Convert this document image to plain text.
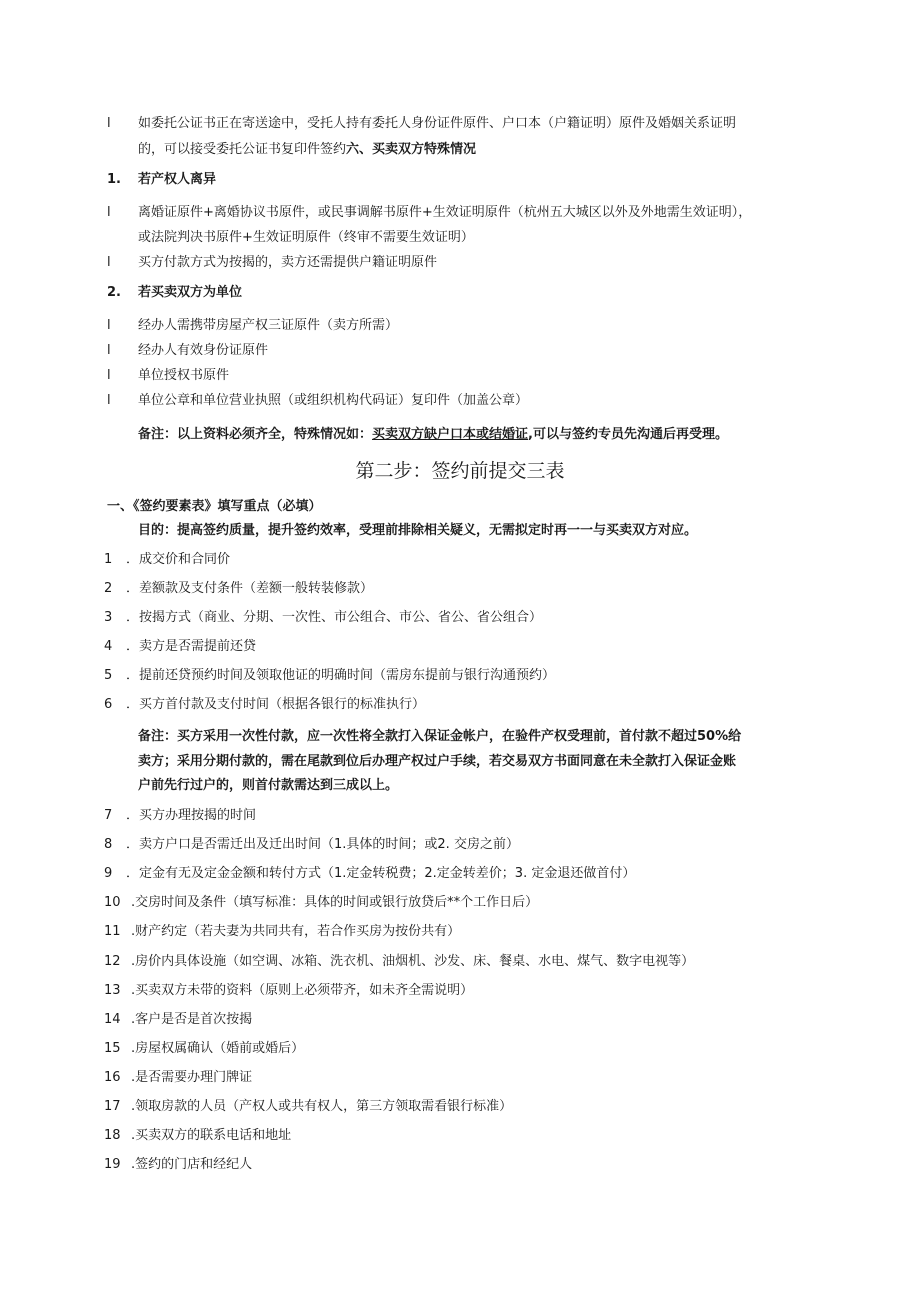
l 如委托公证书正在寄送途中，受托人持有委托人身份证件原件、户口本（户籍证明）原件及婚姻关系证明
的，可以接受委托公证书复印件签约六、买卖双方特殊情况
1. 若产权人离异
l 离婚证原件+离婚协议书原件，或民事调解书原件+生效证明原件（杭州五大城区以外及外地需生效证明），
或法院判决书原件+生效证明原件（终审不需要生效证明）
l 买方付款方式为按揭的，卖方还需提供户籍证明原件
2. 若买卖双方为单位
l 经办人需携带房屋产权三证原件（卖方所需）
l 经办人有效身份证原件
l 单位授权书原件
l 单位公章和单位营业执照（或组织机构代码证）复印件（加盖公章）
备注：以上资料必须齐全，特殊情况如：买卖双方缺户口本或结婚证,可以与签约专员先沟通后再受理。
第二步：签约前提交三表
一、《签约要素表》填写重点（必填）
目的：提高签约质量，提升签约效率，受理前排除相关疑义，无需拟定时再一一与买卖双方对应。
1 ．成交价和合同价
2 ．差额款及支付条件（差额一般转装修款）
3 ．按揭方式（商业、分期、一次性、市公组合、市公、省公、省公组合）
4 ．卖方是否需提前还贷
5 ．提前还贷预约时间及领取他证的明确时间（需房东提前与银行沟通预约）
6 ．买方首付款及支付时间（根据各银行的标准执行）
备注：买方采用一次性付款，应一次性将全款打入保证金帐户，在验件产权受理前，首付款不超过50%给
卖方；采用分期付款的，需在尾款到位后办理产权过户手续，若交易双方书面同意在未全款打入保证金账
户前先行过户的，则首付款需达到三成以上。
7 ．买方办理按揭的时间
8 ．卖方户口是否需迁出及迁出时间（1.具体的时间；或2. 交房之前）
9 ．定金有无及定金金额和转付方式（1.定金转税费；2.定金转差价；3. 定金退还做首付）
10 .交房时间及条件（填写标准：具体的时间或银行放贷后**个工作日后）
11 .财产约定（若夫妻为共同共有，若合作买房为按份共有）
12 .房价内具体设施（如空调、冰箱、洗衣机、油烟机、沙发、床、餐桌、水电、煤气、数字电视等）
13 .买卖双方未带的资料（原则上必须带齐，如未齐全需说明）
14 .客户是否是首次按揭
15 .房屋权属确认（婚前或婚后）
16 .是否需要办理门牌证
17 .领取房款的人员（产权人或共有权人，第三方领取需看银行标准）
18 .买卖双方的联系电话和地址
19 .签约的门店和经纪人
